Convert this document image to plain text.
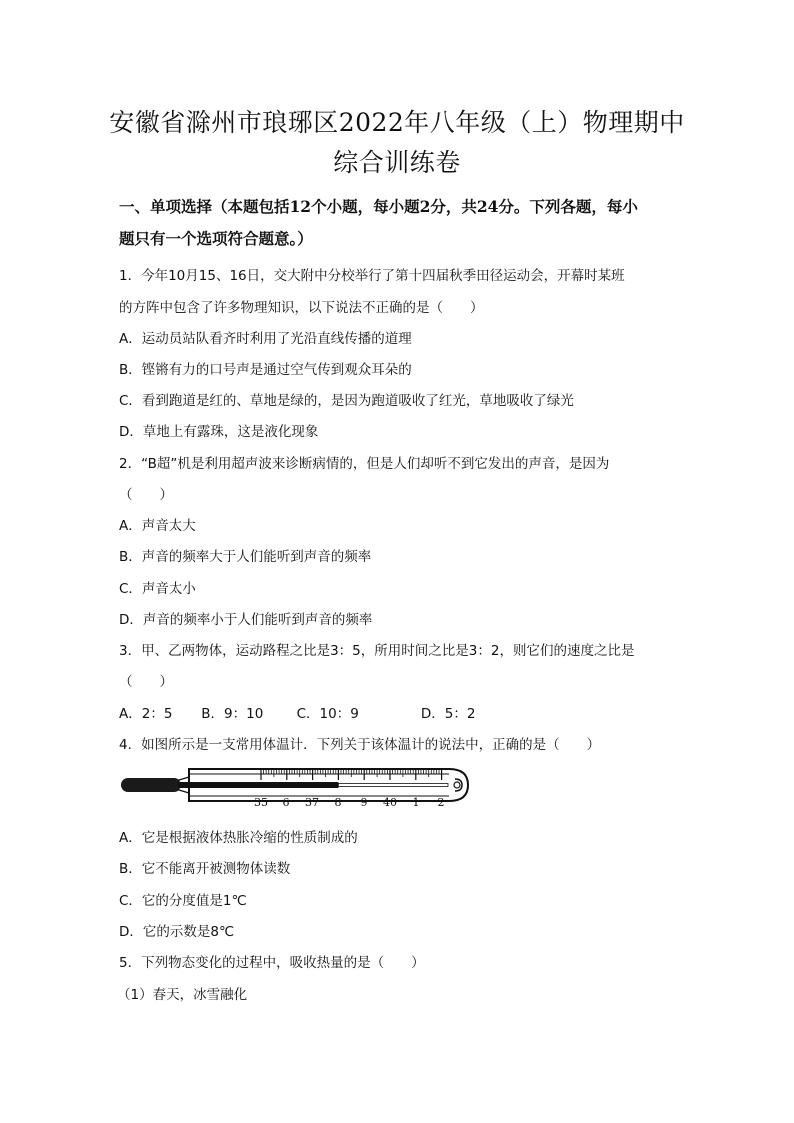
安徽省滁州市琅琊区2022年八年级（上）物理期中
综合训练卷
一、单项选择（本题包括12个小题，每小题2分，共24分。下列各题，每小
题只有一个选项符合题意。）
1．今年10月15、16日，交大附中分校举行了第十四届秋季田径运动会，开幕时某班
的方阵中包含了许多物理知识，以下说法不正确的是（　　）
A．运动员站队看齐时利用了光沿直线传播的道理
B．铿锵有力的口号声是通过空气传到观众耳朵的
C．看到跑道是红的、草地是绿的，是因为跑道吸收了红光，草地吸收了绿光
D．草地上有露珠，这是液化现象
2．“B超”机是利用超声波来诊断病情的，但是人们却听不到它发出的声音，是因为
（　　）
A．声音太大
B．声音的频率大于人们能听到声音的频率
C．声音太小
D．声音的频率小于人们能听到声音的频率
3．甲、乙两物体，运动路程之比是3：5，所用时间之比是3：2，则它们的速度之比是
（　　）
A．2：5 B．9：10 C．10：9	D．5：2
4．如图所示是一支常用体温计．下列关于该体温计的说法中，正确的是（　　）
35 6 37 8 9 40 1 2
A．它是根据液体热胀冷缩的性质制成的
B．它不能离开被测物体读数
C．它的分度值是1℃
D．它的示数是8℃
5．下列物态变化的过程中，吸收热量的是（　　）
（1）春天，冰雪融化
